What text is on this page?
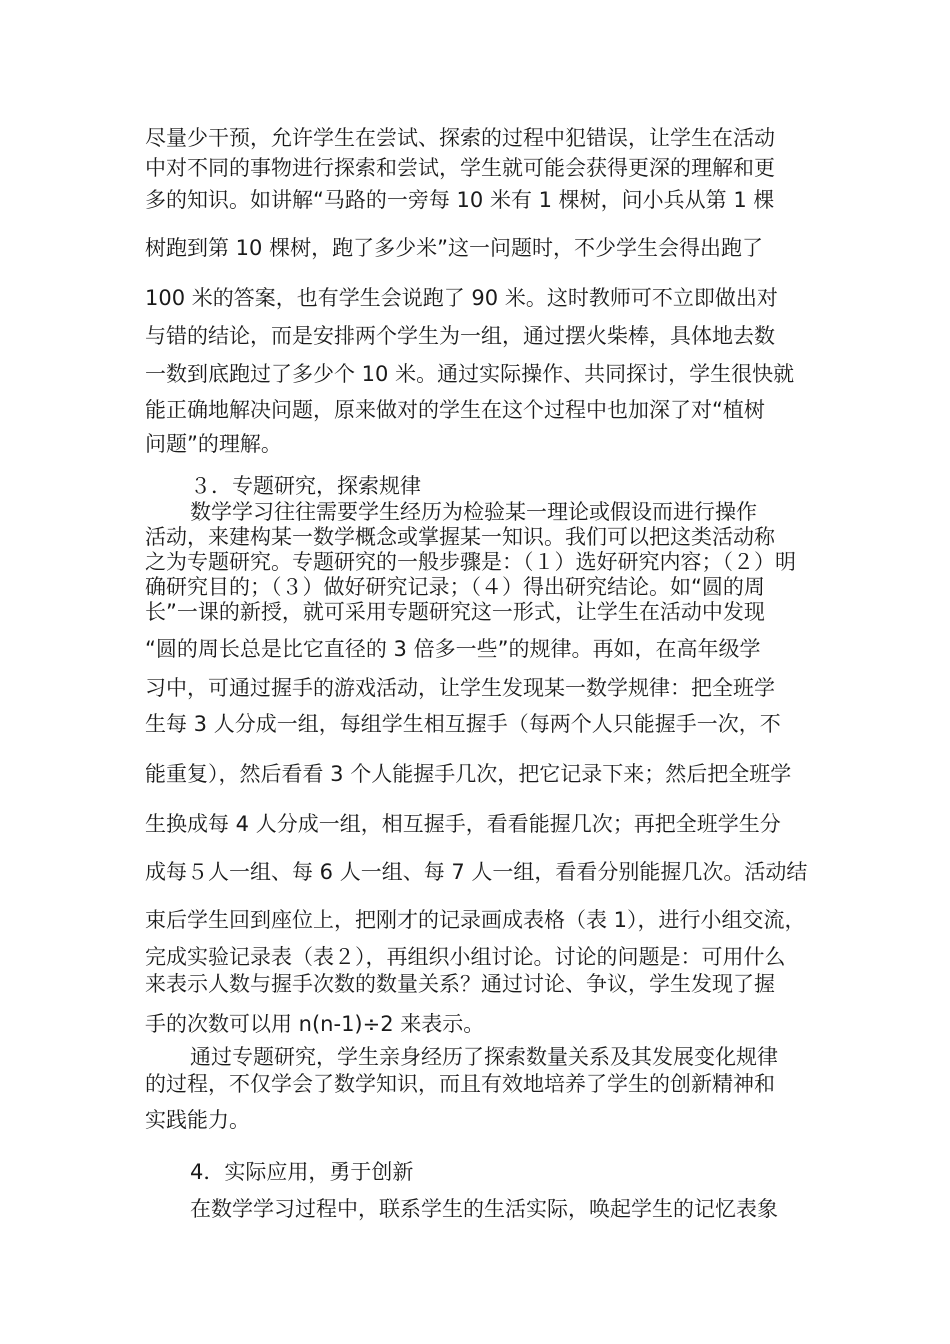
尽量少干预，允许学生在尝试、探索的过程中犯错误，让学生在活动
中对不同的事物进行探索和尝试，学生就可能会获得更深的理解和更
多的知识。如讲解“马路的一旁每 10 米有 1 棵树，问小兵从第 1 棵
树跑到第 10 棵树，跑了多少米”这一问题时，不少学生会得出跑了
100 米的答案，也有学生会说跑了 90 米。这时教师可不立即做出对
与错的结论，而是安排两个学生为一组，通过摆火柴棒，具体地去数
一数到底跑过了多少个 10 米。通过实际操作、共同探讨，学生很快就
能正确地解决问题，原来做对的学生在这个过程中也加深了对“植树
问题”的理解。
３．专题研究，探索规律
数学学习往往需要学生经历为检验某一理论或假设而进行操作
活动，来建构某一数学概念或掌握某一知识。我们可以把这类活动称
之为专题研究。专题研究的一般步骤是：（１）选好研究内容；（２）明
确研究目的；（３）做好研究记录；（４）得出研究结论。如“圆的周
长”一课的新授，就可采用专题研究这一形式，让学生在活动中发现
“圆的周长总是比它直径的 3 倍多一些”的规律。再如，在高年级学
习中，可通过握手的游戏活动，让学生发现某一数学规律：把全班学
生每 3 人分成一组，每组学生相互握手（每两个人只能握手一次，不
能重复），然后看看 3 个人能握手几次，把它记录下来；然后把全班学
生换成每 4 人分成一组，相互握手，看看能握几次；再把全班学生分
成每５人一组、每 6 人一组、每 7 人一组，看看分别能握几次。活动结
束后学生回到座位上，把刚才的记录画成表格（表 1），进行小组交流，
完成实验记录表（表２），再组织小组讨论。讨论的问题是：可用什么
来表示人数与握手次数的数量关系？通过讨论、争议，学生发现了握
手的次数可以用 n(n-1)÷2 来表示。
通过专题研究，学生亲身经历了探索数量关系及其发展变化规律
的过程，不仅学会了数学知识，而且有效地培养了学生的创新精神和
实践能力。
4．实际应用，勇于创新
在数学学习过程中，联系学生的生活实际，唤起学生的记忆表象
